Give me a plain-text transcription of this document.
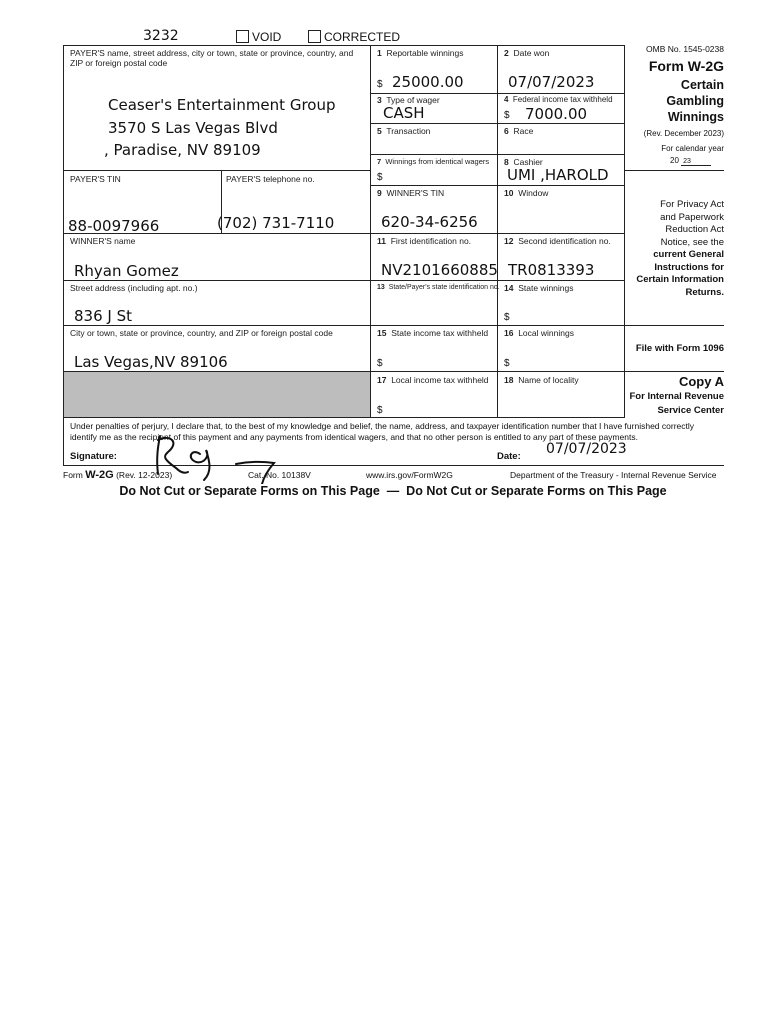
3232	VOID	CORRECTED
PAYER'S name, street address, city or town, state or province, country, and ZIP or foreign postal code
Ceaser's Entertainment Group
3570 S Las Vegas Blvd
, Paradise, NV 89109
PAYER'S TIN
88-0097966
PAYER'S telephone no.
(702) 731-7110
WINNER'S name
Rhyan Gomez
Street address (including apt. no.)
836 J St
City or town, state or province, country, and ZIP or foreign postal code
Las Vegas,NV 89106
1 Reportable winnings
$ 25000.00
2 Date won
07/07/2023
3 Type of wager
CASH
4 Federal income tax withheld
$ 7000.00
5 Transaction	6 Race
7 Winnings from identical wagers
$
8 Cashier
UMI ,HAROLD
9 WINNER'S TIN
620-34-6256
10 Window
11 First identification no.
NV2101660885
12 Second identification no.
TR0813393
13 State/Payer's state identification no. 14 State winnings
$
15 State income tax withheld
$
16 Local winnings
$
17 Local income tax withheld
$
18 Name of locality
OMB No. 1545-0238
Form W-2G
Certain
Gambling
Winnings
(Rev. December 2023)
For calendar year
20 23
For Privacy Act
and Paperwork
Reduction Act
Notice, see the
current General
Instructions for
Certain Information
Returns.
File with Form 1096
Copy A
For Internal Revenue
Service Center
Under penalties of perjury, I declare that, to the best of my knowledge and belief, the name, address, and taxpayer identification number that I have furnished correctly identify me as the recipient of this payment and any payments from identical wagers, and that no other person is entitled to any part of these payments.
Signature:	Date: 07/07/2023
Form W-2G (Rev. 12-2023)	Cat. No. 10138V	www.irs.gov/FormW2G	Department of the Treasury - Internal Revenue Service
Do Not Cut or Separate Forms on This Page  —  Do Not Cut or Separate Forms on This Page
